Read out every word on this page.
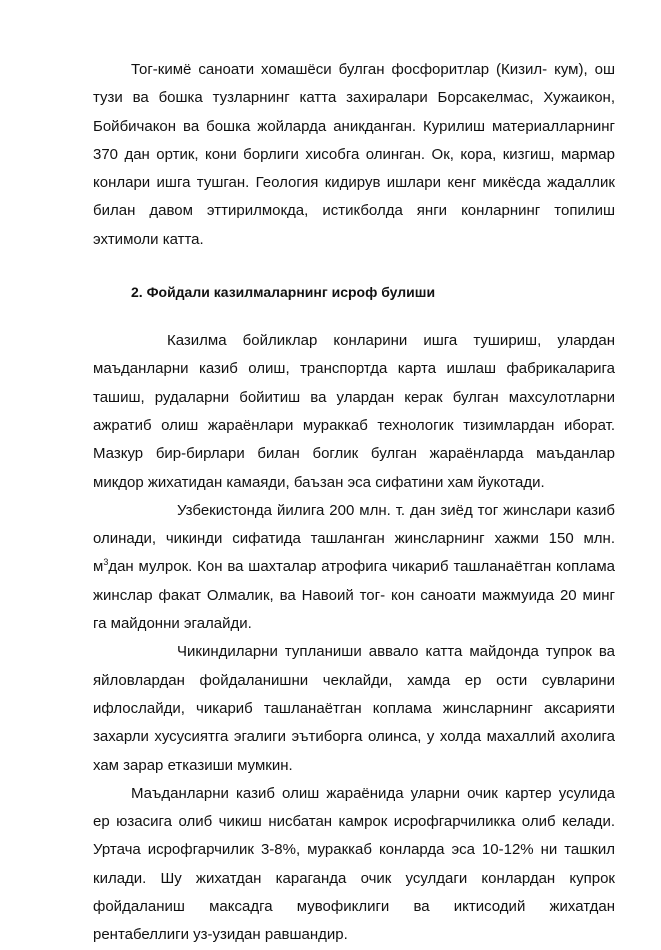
Тог-кимё саноати хомашёси булган фосфоритлар (Кизил- кум), ош тузи ва бошка тузларнинг катта захиралари Борсакелмас, Хужаикон, Бойбичакон ва бошка жойларда аникданган. Курилиш материалларнинг 370 дан ортик, кони борлиги хисобга олинган. Ок, кора, кизгиш, мармар конлари ишга тушган. Геология кидирув ишлари кенг микёсда жадаллик билан давом эттирилмокда, истикболда янги конларнинг топилиш эхтимоли катта.

2. Фойдали казилмаларнинг исроф булиши

Казилма бойликлар конларини ишга тушириш, улардан маъданларни казиб олиш, транспортда карта ишлаш фабрикаларига ташиш, рудаларни бойитиш ва улардан керак булган махсулотларни ажратиб олиш жараёнлари мураккаб технологик тизимлардан иборат. Мазкур бир-бирлари билан боглик булган жараёнларда маъданлар микдор жихатидан камаяди, баъзан эса сифатини хам йукотади.

Узбекистонда йилига 200 млн. т. дан зиёд тог жинслари казиб олинади, чикинди сифатида ташланган жинсларнинг хажми 150 млн. $м^3дан$ мулрок. Кон ва шахталар атрофига чикариб ташланаётган коплама жинслар факат Олмалик, ва Навоий тог- кон саноати мажмуида 20 минг га майдонни эгалайди.

Чикиндиларни тупланиши аввало катта майдонда тупрок ва яйловлардан фойдаланишни чеклайди, хамда ер ости сувларини ифлослайди, чикариб ташланаётган коплама жинсларнинг аксарияти захарли хусусиятга эгалиги эътиборга олинса, у холда махаллий ахолига хам зарар етказиши мумкин.

Маъданларни казиб олиш жараёнида уларни очик картер усулида ер юзасига олиб чикиш нисбатан камрок исрофгарчиликка олиб келади. Уртача исрофгарчилик 3-8%, мураккаб конларда эса 10-12% ни ташкил килади. Шу жихатдан караганда очик усулдаги конлардан купрок фойдаланиш максадга мувофиклиги ва иктисодий жихатдан рентабеллиги уз-узидан равшандир.
